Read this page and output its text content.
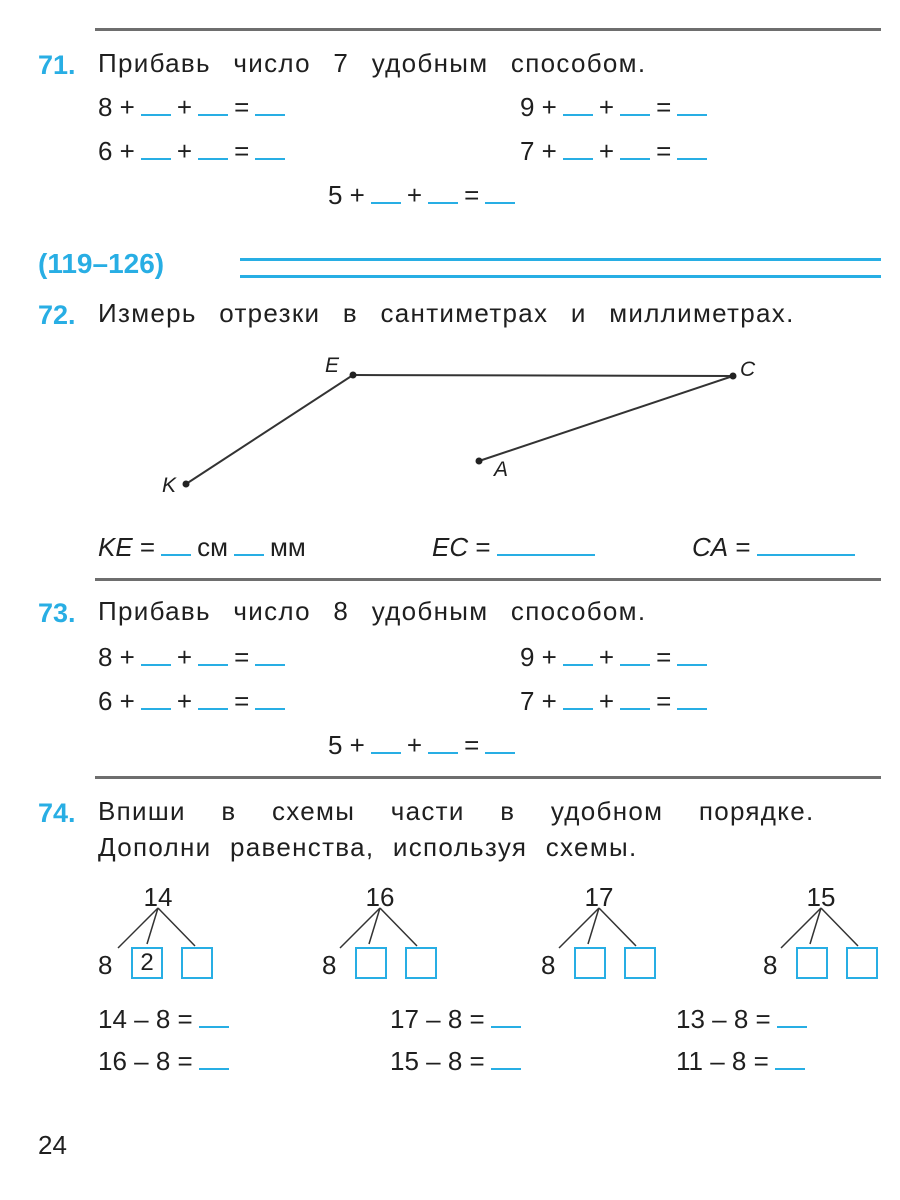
71. Прибавь число 7 удобным способом.
8 + + =	9 + + =
6 + + =	7 + + =
5 + + =
(119–126)
72. Измерь отрезки в сантиметрах и миллиметрах.
E	C
K
A
KE = см мм	EC =	CA =
73. Прибавь число 8 удобным способом.
8 + + =	9 + + =
6 + + =	7 + + =
5 + + =
74. Впиши в схемы части в удобном порядке.
Дополни равенства, используя схемы.
14
8	2
16
8
17
8
15
8
14 – 8 =	17 – 8 =	13 – 8 =
16 – 8 =	15 – 8 =	11 – 8 =
24
